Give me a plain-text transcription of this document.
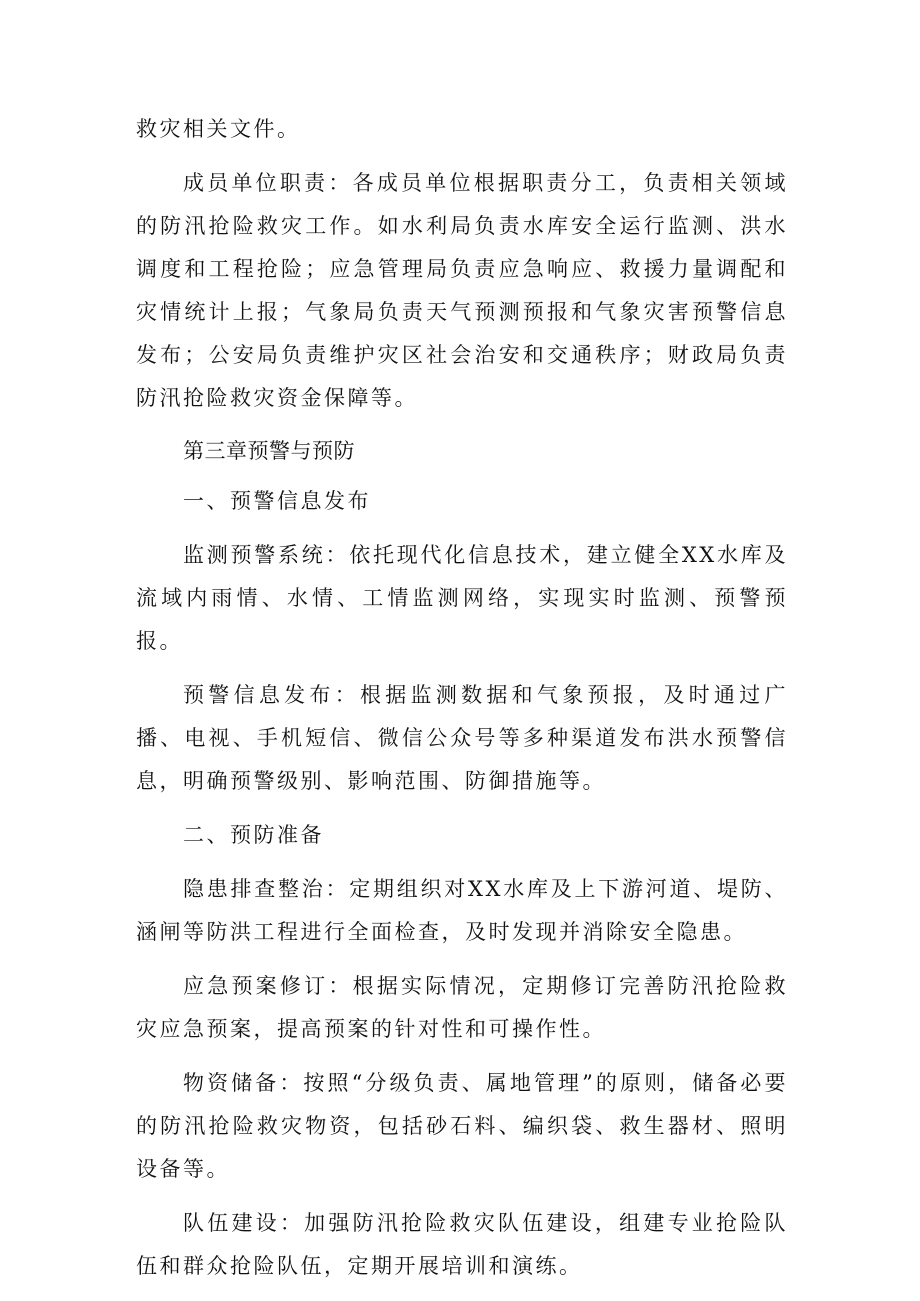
救灾相关文件。

成员单位职责：各成员单位根据职责分工，负责相关领域的防汛抢险救灾工作。如水利局负责水库安全运行监测、洪水调度和工程抢险；应急管理局负责应急响应、救援力量调配和灾情统计上报；气象局负责天气预测预报和气象灾害预警信息发布；公安局负责维护灾区社会治安和交通秩序；财政局负责防汛抢险救灾资金保障等。

第三章预警与预防
一、预警信息发布

监测预警系统：依托现代化信息技术，建立健全XX水库及流域内雨情、水情、工情监测网络，实现实时监测、预警预报。

预警信息发布：根据监测数据和气象预报，及时通过广播、电视、手机短信、微信公众号等多种渠道发布洪水预警信息，明确预警级别、影响范围、防御措施等。

二、预防准备

隐患排查整治：定期组织对XX水库及上下游河道、堤防、涵闸等防洪工程进行全面检查，及时发现并消除安全隐患。

应急预案修订：根据实际情况，定期修订完善防汛抢险救灾应急预案，提高预案的针对性和可操作性。

物资储备：按照“分级负责、属地管理”的原则，储备必要的防汛抢险救灾物资，包括砂石料、编织袋、救生器材、照明设备等。

队伍建设：加强防汛抢险救灾队伍建设，组建专业抢险队伍和群众抢险队伍，定期开展培训和演练。
